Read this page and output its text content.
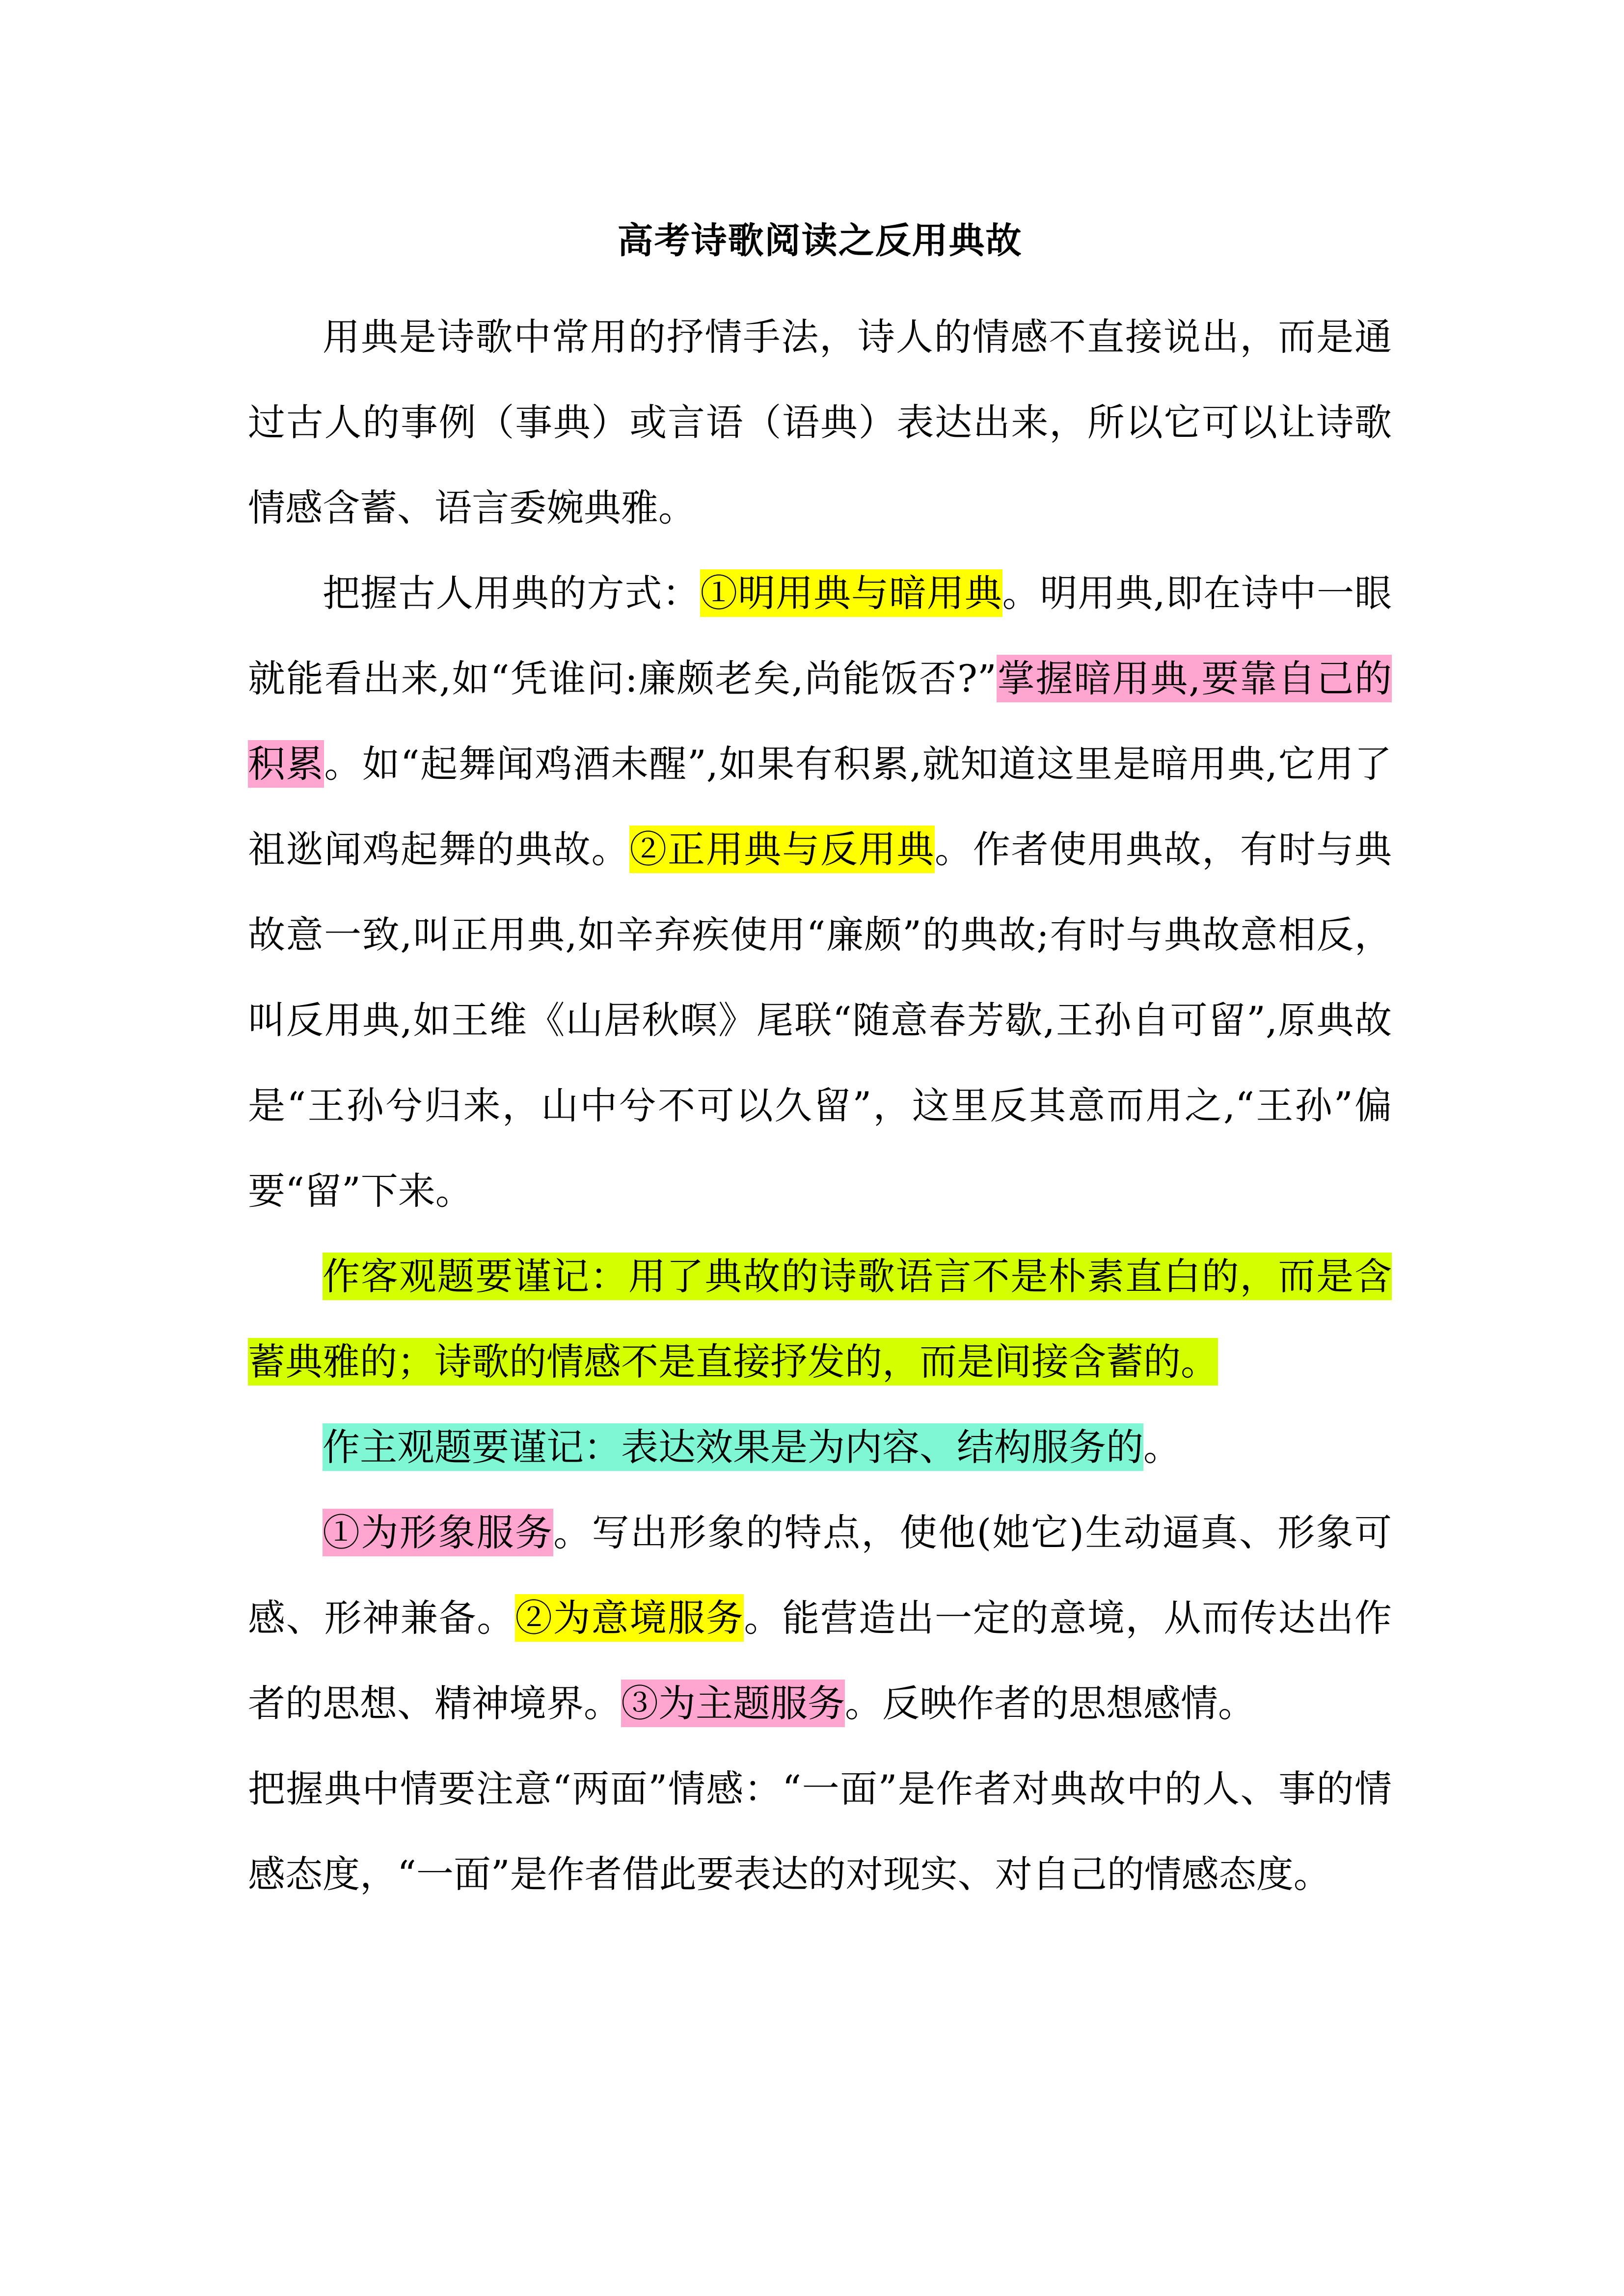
高考诗歌阅读之反用典故

用典是诗歌中常用的抒情手法，诗人的情感不直接说出，而是通过古人的事例（事典）或言语（语典）表达出来，所以它可以让诗歌情感含蓄、语言委婉典雅。

把握古人用典的方式：①明用典与暗用典。明用典,即在诗中一眼就能看出来,如“凭谁问:廉颇老矣,尚能饭否?”掌握暗用典,要靠自己的积累。如“起舞闻鸡酒未醒”,如果有积累,就知道这里是暗用典,它用了祖逖闻鸡起舞的典故。②正用典与反用典。作者使用典故，有时与典故意一致,叫正用典,如辛弃疾使用“廉颇”的典故;有时与典故意相反，叫反用典,如王维《山居秋暝》尾联“随意春芳歇,王孙自可留”,原典故是“王孙兮归来，山中兮不可以久留”，这里反其意而用之,“王孙”偏要“留”下来。

作客观题要谨记：用了典故的诗歌语言不是朴素直白的，而是含蓄典雅的；诗歌的情感不是直接抒发的，而是间接含蓄的。

作主观题要谨记：表达效果是为内容、结构服务的。

①为形象服务。写出形象的特点，使他(她它)生动逼真、形象可感、形神兼备。②为意境服务。能营造出一定的意境，从而传达出作者的思想、精神境界。③为主题服务。反映作者的思想感情。

把握典中情要注意“两面”情感：“一面”是作者对典故中的人、事的情感态度，“一面”是作者借此要表达的对现实、对自己的情感态度。
